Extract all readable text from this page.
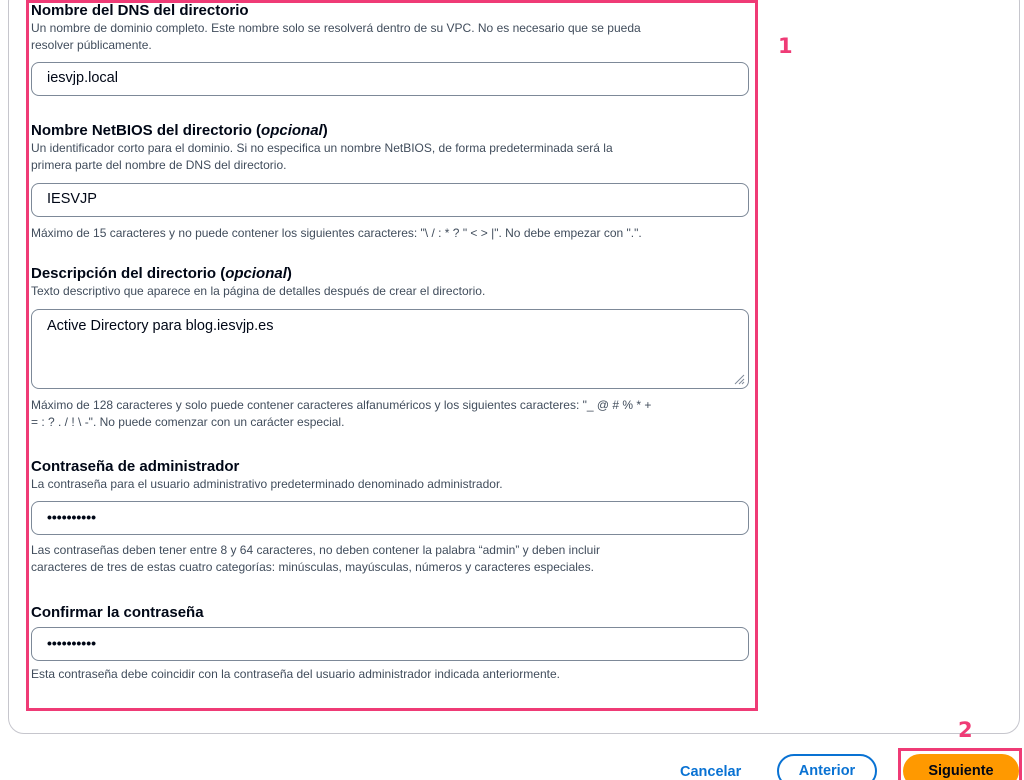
Nombre del DNS del directorio
Un nombre de dominio completo. Este nombre solo se resolverá dentro de su VPC. No es necesario que se pueda
resolver públicamente.
iesvjp.local
Nombre NetBIOS del directorio (opcional)
Un identificador corto para el dominio. Si no especifica un nombre NetBIOS, de forma predeterminada será la
primera parte del nombre de DNS del directorio.
IESVJP
Máximo de 15 caracteres y no puede contener los siguientes caracteres: "\ / : * ? " < > |". No debe empezar con ".".
Descripción del directorio (opcional)
Texto descriptivo que aparece en la página de detalles después de crear el directorio.
Active Directory para blog.iesvjp.es
Máximo de 128 caracteres y solo puede contener caracteres alfanuméricos y los siguientes caracteres: "_ @ # % * +
= : ? . / ! \ -". No puede comenzar con un carácter especial.
Contraseña de administrador
La contraseña para el usuario administrativo predeterminado denominado administrador.
••••••••••
Las contraseñas deben tener entre 8 y 64 caracteres, no deben contener la palabra “admin” y deben incluir
caracteres de tres de estas cuatro categorías: minúsculas, mayúsculas, números y caracteres especiales.
Confirmar la contraseña
••••••••••
Esta contraseña debe coincidir con la contraseña del usuario administrador indicada anteriormente.
1
2
Cancelar	Anterior	Siguiente
